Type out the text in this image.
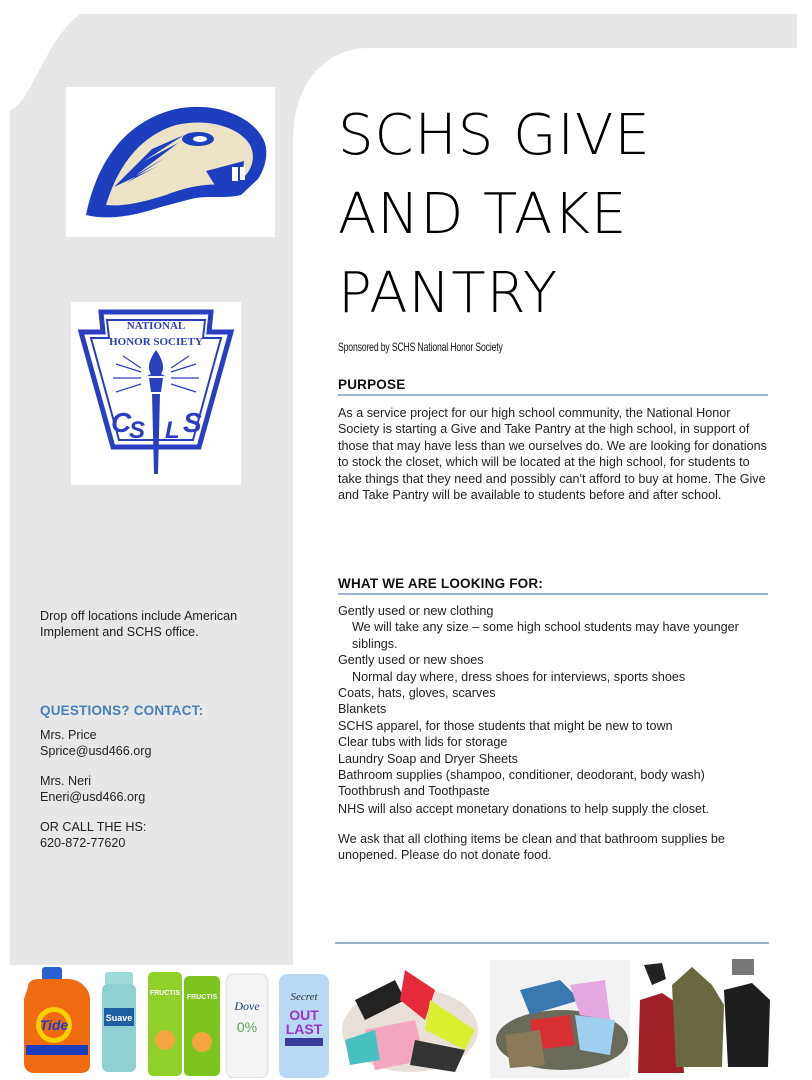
NATIONAL
HONOR SOCIETY
C
S L S
SCHS GIVE
AND TAKE
PANTRY
Sponsored by SCHS National Honor Society
PURPOSE

As a service project for our high school community, the National Honor Society is starting a Give and Take Pantry at the high school, in support of those that may have less than we ourselves do. We are looking for donations to stock the closet, which will be located at the high school, for students to take things that they need and possibly can't afford to buy at home. The Give and Take Pantry will be available to students before and after school.

WHAT WE ARE LOOKING FOR:
Gently used or new clothing
We will take any size – some high school students may have younger
siblings.
Gently used or new shoes
Normal day where, dress shoes for interviews, sports shoes
Coats, hats, gloves, scarves
Blankets
SCHS apparel, for those students that might be new to town
Clear tubs with lids for storage
Laundry Soap and Dryer Sheets
Bathroom supplies (shampoo, conditioner, deodorant, body wash)
Toothbrush and Toothpaste

NHS will also accept monetary donations to help supply the closet.

We ask that all clothing items be clean and that bathroom supplies be unopened. Please do not donate food.

Drop off locations include American Implement and SCHS office.

QUESTIONS? CONTACT:
Mrs. Price
Sprice@usd466.org
Mrs. Neri
Eneri@usd466.org
OR CALL THE HS:
620-872-77620
Tide	Suave
FRUCTIS
FRUCTIS
Dove
0%
Secret
OUT
LAST
